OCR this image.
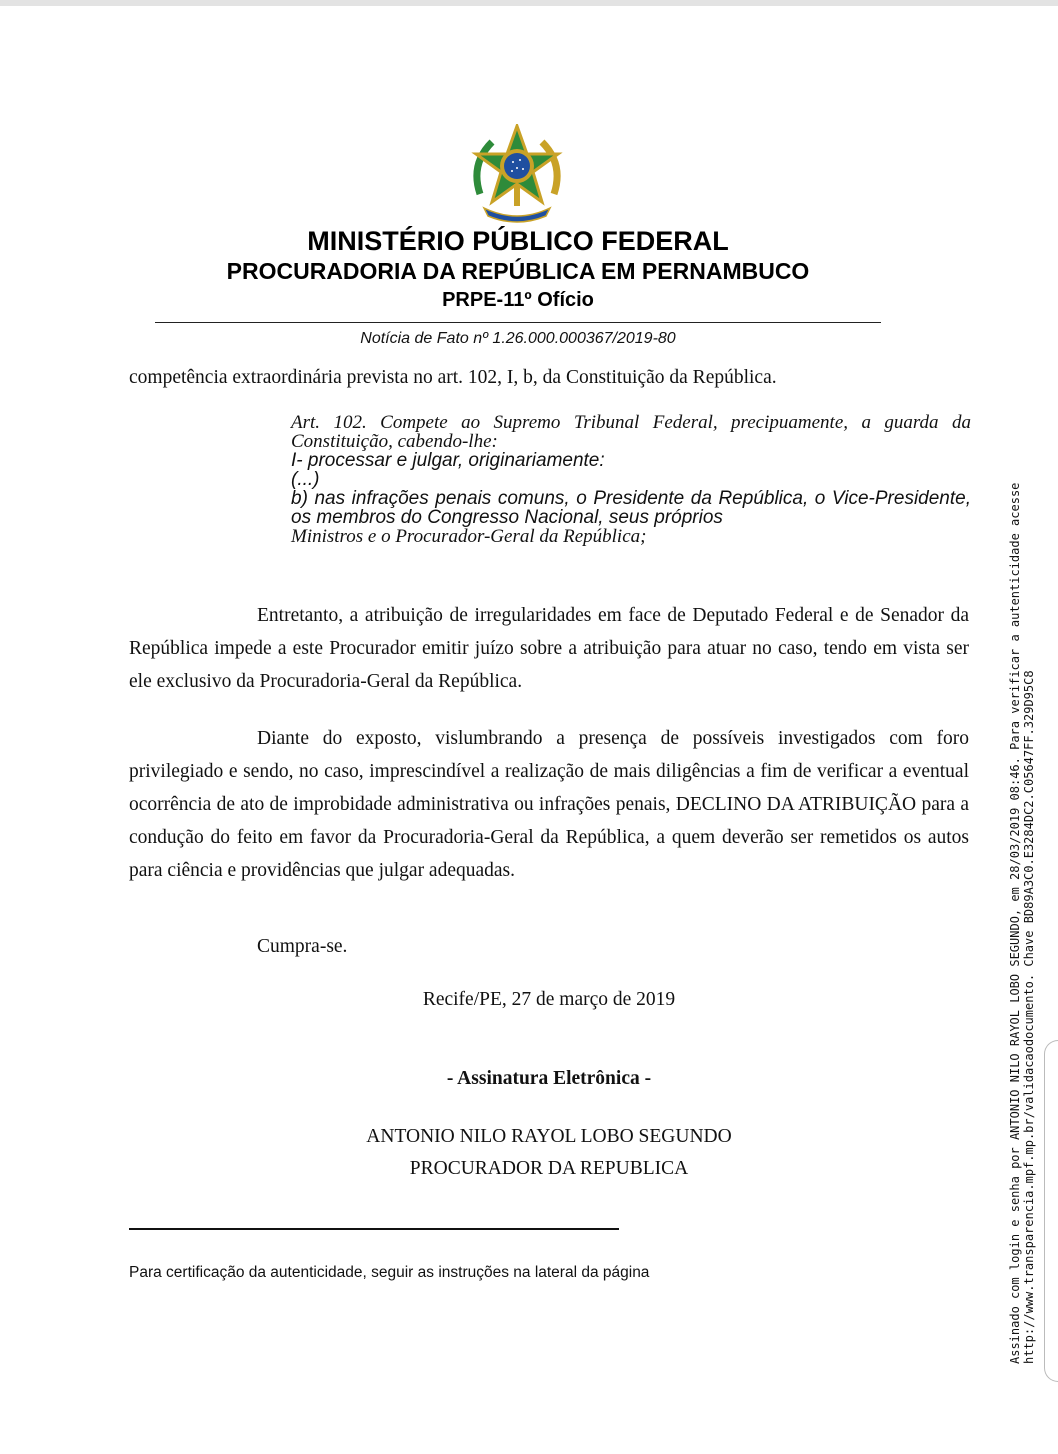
MINISTÉRIO PÚBLICO FEDERAL
PROCURADORIA DA REPÚBLICA EM PERNAMBUCO
PRPE-11º Ofício
Notícia de Fato nº 1.26.000.000367/2019-80
competência extraordinária prevista no art. 102, I, b, da Constituição da República.
Art. 102. Compete ao Supremo Tribunal Federal, precipuamente, a guarda da Constituição, cabendo-lhe:
I- processar e julgar, originariamente:
(...)
b) nas infrações penais comuns, o Presidente da República, o Vice-Presidente, os membros do Congresso Nacional, seus próprios
Ministros e o Procurador-Geral da República;
Entretanto, a atribuição de irregularidades em face de Deputado Federal e de Senador da República impede a este Procurador emitir juízo sobre a atribuição para atuar no caso, tendo em vista ser ele exclusivo da Procuradoria-Geral da República.
Diante do exposto, vislumbrando a presença de possíveis investigados com foro privilegiado e sendo, no caso, imprescindível a realização de mais diligências a fim de verificar a eventual ocorrência de ato de improbidade administrativa ou infrações penais, DECLINO DA ATRIBUIÇÃO para a condução do feito em favor da Procuradoria-Geral da República, a quem deverão ser remetidos os autos para ciência e providências que julgar adequadas.
Cumpra-se.
Recife/PE, 27 de março de 2019
- Assinatura Eletrônica -
ANTONIO NILO RAYOL LOBO SEGUNDO
PROCURADOR DA REPUBLICA
Para certificação da autenticidade, seguir as instruções na lateral da página	Assinado com login e senha por ANTONIO NILO RAYOL LOBO SEGUNDO, em 28/03/2019 08:46. Para verificar a autenticidade acesse http://www.transparencia.mpf.mp.br/validacaodocumento. Chave BD89A3C0.E3284DC2.C05647FF.329D95C8
